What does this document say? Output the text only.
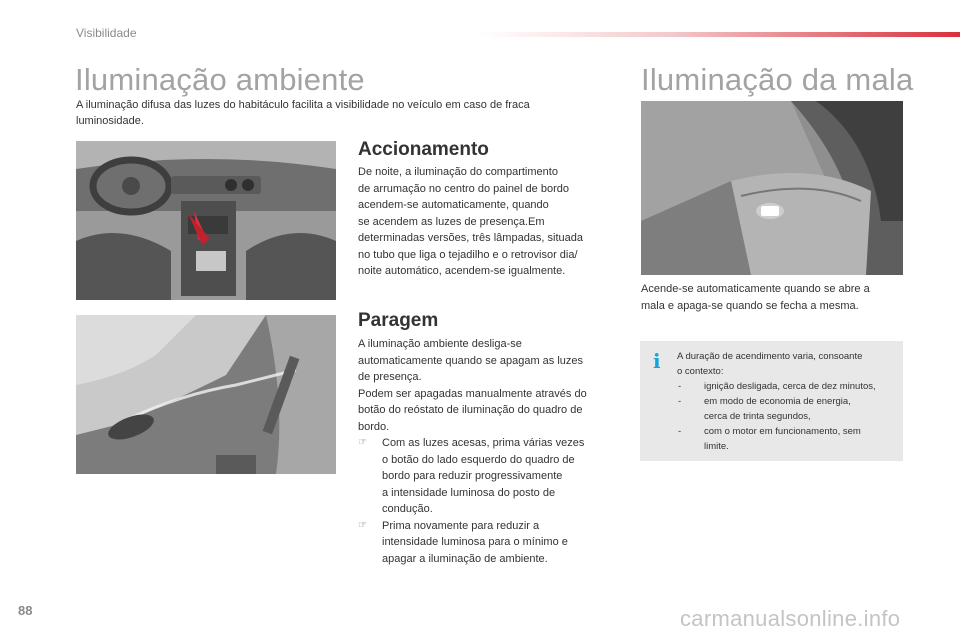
Visibilidade
Iluminação ambiente
A iluminação difusa das luzes do habitáculo facilita a visibilidade no veículo em caso de fraca luminosidade.
Accionamento
De noite, a iluminação do compartimento
de arrumação no centro do painel de bordo
acendem-se automaticamente, quando
se acendem as luzes de presença.Em
determinadas versões, três lâmpadas, situada
no tubo que liga o tejadilho e o retrovisor dia/
noite automático, acendem-se igualmente.
Paragem
A iluminação ambiente desliga-se
automaticamente quando se apagam as luzes
de presença.
Podem ser apagadas manualmente através do
botão do reóstato de iluminação do quadro de
bordo.
☞ Com as luzes acesas, prima várias vezes
o botão do lado esquerdo do quadro de
bordo para reduzir progressivamente
a intensidade luminosa do posto de
condução.
☞ Prima novamente para reduzir a
intensidade luminosa para o mínimo e
apagar a iluminação de ambiente.
Iluminação da mala
Acende-se automaticamente quando se abre a
mala e apaga-se quando se fecha a mesma.
i A duração de acendimento varia, consoante
o contexto:
- ignição desligada, cerca de dez minutos,
- em modo de economia de energia,
cerca de trinta segundos,
- com o motor em funcionamento, sem
limite.
88	carmanualsonline.info
